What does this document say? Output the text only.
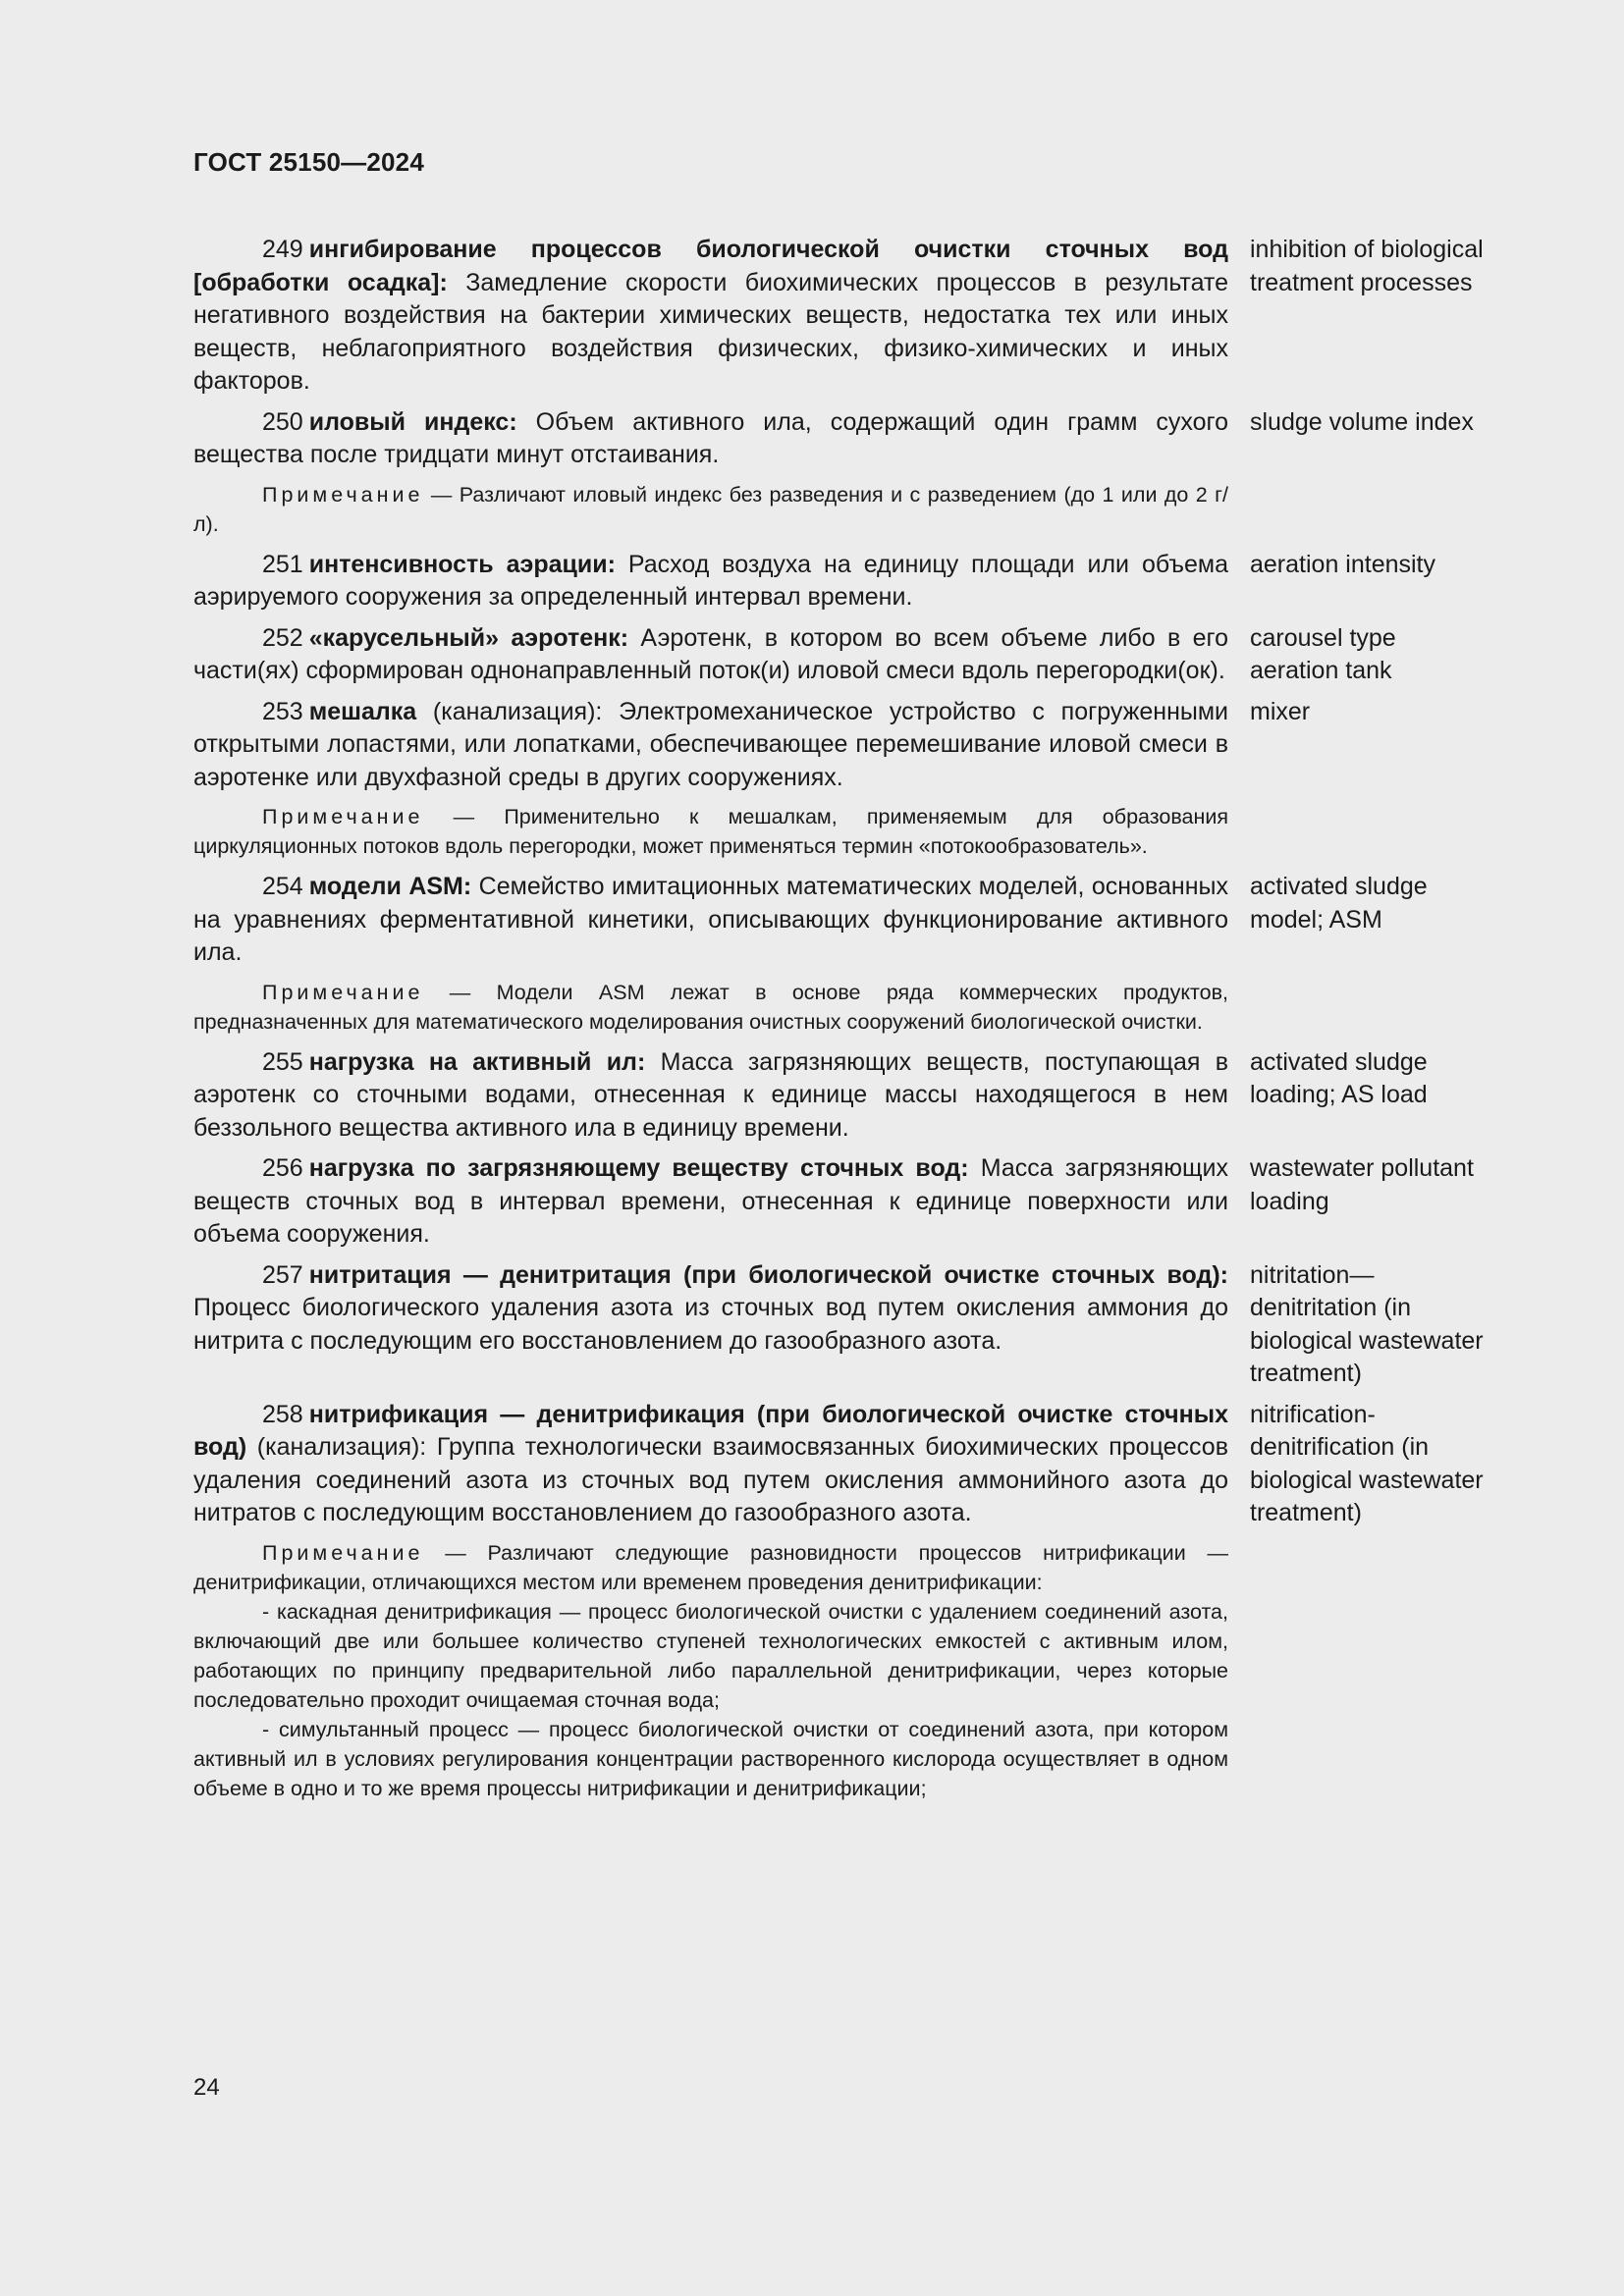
ГОСТ 25150—2024
249 ингибирование процессов биологической очистки сточных вод [обработки осадка]: Замедление скорости биохимических процессов в результате негативного воздействия на бактерии химических веществ, недостатка тех или иных веществ, неблагоприятного воздействия физических, физико-химических и иных факторов.
inhibition of biological treatment processes
250 иловый индекс: Объем активного ила, содержащий один грамм сухого вещества после тридцати минут отстаивания.
sludge volume index
Примечание — Различают иловый индекс без разведения и с разведением (до 1 или до 2 г/л).
251 интенсивность аэрации: Расход воздуха на единицу площади или объема аэрируемого сооружения за определенный интервал времени.
aeration intensity
252 «карусельный» аэротенк: Аэротенк, в котором во всем объеме либо в его части(ях) сформирован однонаправленный поток(и) иловой смеси вдоль перегородки(ок).
carousel type
aeration tank
253 мешалка (канализация): Электромеханическое устройство с погруженными открытыми лопастями, или лопатками, обеспечивающее перемешивание иловой смеси в аэротенке или двухфазной среды в других сооружениях.
mixer
Примечание — Применительно к мешалкам, применяемым для образования циркуляционных потоков вдоль перегородки, может применяться термин «потокообразователь».
254 модели ASM: Семейство имитационных математических моделей, основанных на уравнениях ферментативной кинетики, описывающих функционирование активного ила.
activated sludge
model; ASM
Примечание — Модели ASM лежат в основе ряда коммерческих продуктов, предназначенных для математического моделирования очистных сооружений биологической очистки.
255 нагрузка на активный ил: Масса загрязняющих веществ, поступающая в аэротенк со сточными водами, отнесенная к единице массы находящегося в нем беззольного вещества активного ила в единицу времени.
activated sludge
loading; AS load
256 нагрузка по загрязняющему веществу сточных вод: Масса загрязняющих веществ сточных вод в интервал времени, отнесенная к единице поверхности или объема сооружения.
wastewater pollutant
loading
257 нитритация — денитритация (при биологической очистке сточных вод): Процесс биологического удаления азота из сточных вод путем окисления аммония до нитрита с последующим его восстановлением до газообразного азота.
nitritation—
denitritation (in
biological wastewater
treatment)
258 нитрификация — денитрификация (при биологической очистке сточных вод) (канализация): Группа технологически взаимосвязанных биохимических процессов удаления соединений азота из сточных вод путем окисления аммонийного азота до нитратов с последующим восстановлением до газообразного азота.
nitrification-
denitrification (in
biological wastewater
treatment)
Примечание — Различают следующие разновидности процессов нитрификации — денитрификации, отличающихся местом или временем проведения денитрификации:
- каскадная денитрификация — процесс биологической очистки с удалением соединений азота, включающий две или большее количество ступеней технологических емкостей с активным илом, работающих по принципу предварительной либо параллельной денитрификации, через которые последовательно проходит очищаемая сточная вода;
- симультанный процесс — процесс биологической очистки от соединений азота, при котором активный ил в условиях регулирования концентрации растворенного кислорода осуществляет в одном объеме в одно и то же время процессы нитрификации и денитрификации;
24
